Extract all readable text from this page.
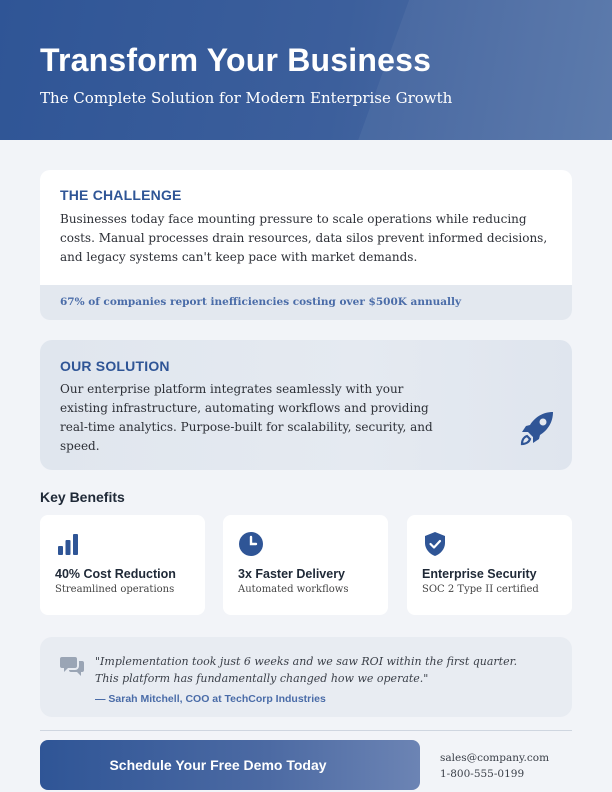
Transform Your Business

The Complete Solution for Modern Enterprise Growth

67% of companies report inefficiencies costing over $500K annually
THE CHALLENGE

Businesses today face mounting pressure to scale operations while reducing costs. Manual processes drain resources, data silos prevent informed decisions, and legacy systems can't keep pace with market demands.

OUR SOLUTION

Our enterprise platform integrates seamlessly with your existing infrastructure, automating workflows and providing real-time analytics. Purpose-built for scalability, security, and speed.

Key Benefits
40% Cost Reduction
Streamlined operations
3x Faster Delivery
Automated workflows
Enterprise Security
SOC 2 Type II certified

"Implementation took just 6 weeks and we saw ROI within the first quarter. This platform has fundamentally changed how we operate."

— Sarah Mitchell, COO at TechCorp Industries
Schedule Your Free Demo Today	sales@company.com
1-800-555-0199
